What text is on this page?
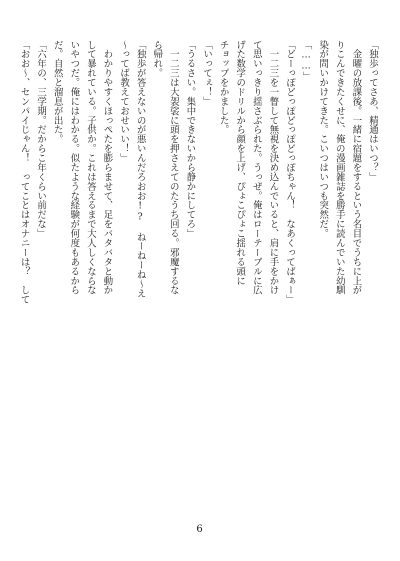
「独歩ってさあ、精通はいつ？」
　金曜の放課後。一緒に宿題をするという名目でうちに上が
りこんできたくせに、俺の漫画雑誌を勝手に読んでいた幼馴
染が問いかけてきた。こいつはいつも突然だ。
「……」
「どーっぽどっぽどっぽどっぽちゃん！　なあくってばぁー」
　一二三を一瞥して無視を決め込んでいると、肩に手をかけ
て思いっきり揺さぶられた。うっぜ。俺はローテーブルに広
げた数学のドリルから顔を上げ、ぴょこぴょこ揺れる頭に
チョップをかました。
「いってぇ！」
「うるさい。集中できないから静かにしてろ」
　一二三は大袈裟に頭を押さえてのたうち回る。邪魔するな
ら帰れ。
「独歩が答えないのが悪いんだろおお!?　ねーねーね～え
～ってば教えておせいい！」
　わかりやすくほっぺたを膨らませて、足をバタバタと動か
して暴れている。子供か。これは答えるまで大人しくならな
いやつだ。俺にはわかる。似たような経験が何度もあるから
だ。自然と溜息が出た。
「六年の、三学期。だからこ年くらい前だな」
「おお～、センパイじゃん！　ってことはオナニーは？　して
6
